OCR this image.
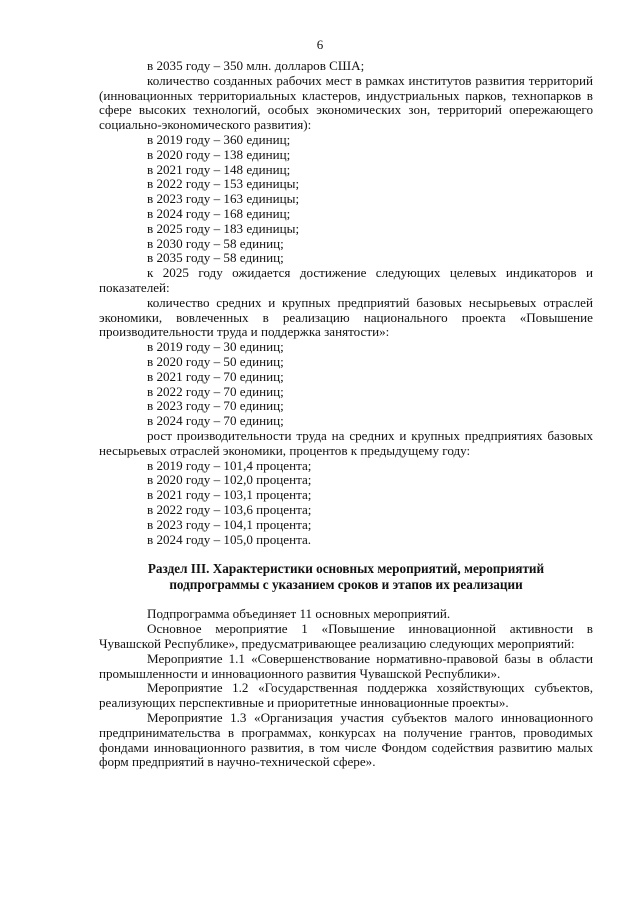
6

в 2035 году – 350 млн. долларов США;

количество созданных рабочих мест в рамках институтов развития территорий (инновационных территориальных кластеров, индустриальных парков, технопарков в сфере высоких технологий, особых экономических зон, территорий опережающего социально-экономического развития):

в 2019 году – 360 единиц;

в 2020 году – 138 единиц;

в 2021 году – 148 единиц;

в 2022 году – 153 единицы;

в 2023 году – 163 единицы;

в 2024 году – 168 единиц;

в 2025 году – 183 единицы;

в 2030 году – 58 единиц;

в 2035 году – 58 единиц;

к 2025 году ожидается достижение следующих целевых индикаторов и показателей:

количество средних и крупных предприятий базовых несырьевых отраслей экономики, вовлеченных в реализацию национального проекта «Повышение производительности труда и поддержка занятости»:

в 2019 году – 30 единиц;

в 2020 году – 50 единиц;

в 2021 году – 70 единиц;

в 2022 году – 70 единиц;

в 2023 году – 70 единиц;

в 2024 году – 70 единиц;

рост производительности труда на средних и крупных предприятиях базовых несырьевых отраслей экономики, процентов к предыдущему году:

в 2019 году – 101,4 процента;

в 2020 году – 102,0 процента;

в 2021 году – 103,1 процента;

в 2022 году – 103,6 процента;

в 2023 году – 104,1 процента;

в 2024 году – 105,0 процента.

Раздел III. Характеристики основных мероприятий, мероприятий
подпрограммы с указанием сроков и этапов их реализации

Подпрограмма объединяет 11 основных мероприятий.

Основное мероприятие 1 «Повышение инновационной активности в Чувашской Республике», предусматривающее реализацию следующих мероприятий:

Мероприятие 1.1 «Совершенствование нормативно-правовой базы в области промышленности и инновационного развития Чувашской Республики».

Мероприятие 1.2 «Государственная поддержка хозяйствующих субъектов, реализующих перспективные и приоритетные инновационные проекты».

Мероприятие 1.3 «Организация участия субъектов малого инновационного предпринимательства в программах, конкурсах на получение грантов, проводимых фондами инновационного развития, в том числе Фондом содействия развитию малых форм предприятий в научно-технической сфере».
